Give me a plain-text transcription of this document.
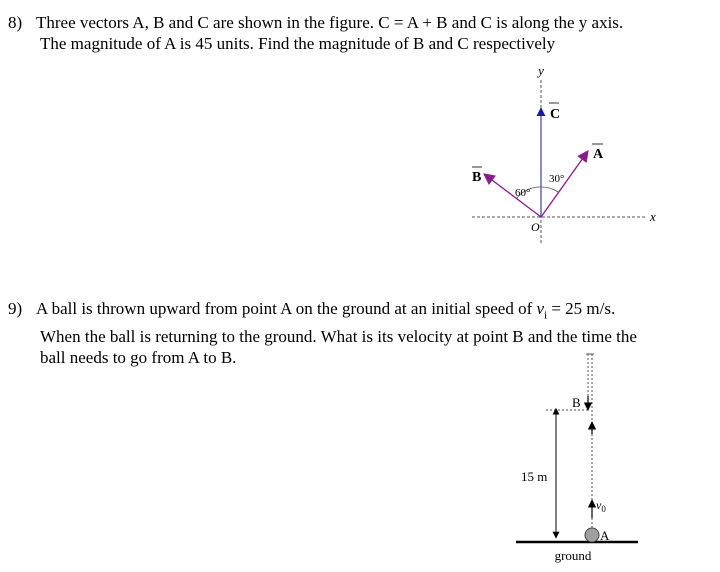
8) Three vectors A, B and C are shown in the figure. C = A + B and C is along the y axis.
The magnitude of A is 45 units. Find the magnitude of B and C respectively
y
x
O
C
A
B	30°
60°
9) A ball is thrown upward from point A on the ground at an initial speed of $v_i = 25$ m/s.
When the ball is returning to the ground. What is its velocity at point B and the time the
ball needs to go from A to B.
$v_0$
B
15 m
A
ground
